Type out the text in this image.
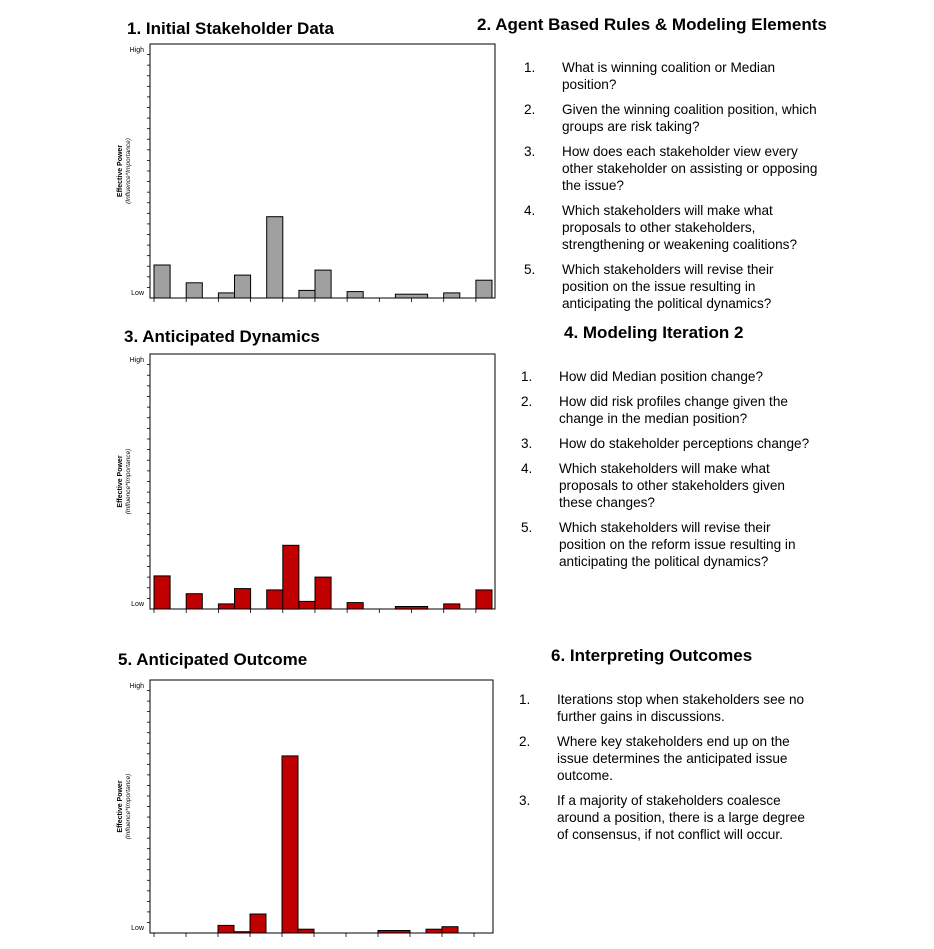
1. Initial Stakeholder Data	2. Agent Based Rules & Modeling Elements
3. Anticipated Dynamics	4. Modeling Iteration 2
5. Anticipated Outcome	6. Interpreting Outcomes
High
Low
Effective Power (Influence*Importance)
High
Low
Effective Power (Influence*Importance)
High
Low
Effective Power (Influence*Importance)
1.	What is winning coalition or Median position?
2.	Given the winning coalition position, which groups are risk taking?
3.	How does each stakeholder view every other stakeholder on assisting or opposing the issue?
4.	Which stakeholders will make what proposals to other stakeholders, strengthening or weakening coalitions?
5.	Which stakeholders will revise their position on the issue resulting in anticipating the political dynamics?
1.	How did Median position change?
2.	How did risk profiles change given the change in the median position?
3.	How do stakeholder perceptions change?
4.	Which stakeholders will make what proposals to other stakeholders given these changes?
5.	Which stakeholders will revise their position on the reform issue resulting in anticipating the political dynamics?
1.	Iterations stop when stakeholders see no further gains in discussions.
2.	Where key stakeholders end up on the issue determines the anticipated issue outcome.
3.	If a majority of stakeholders coalesce around a position, there is a large degree of consensus, if not conflict will occur.
